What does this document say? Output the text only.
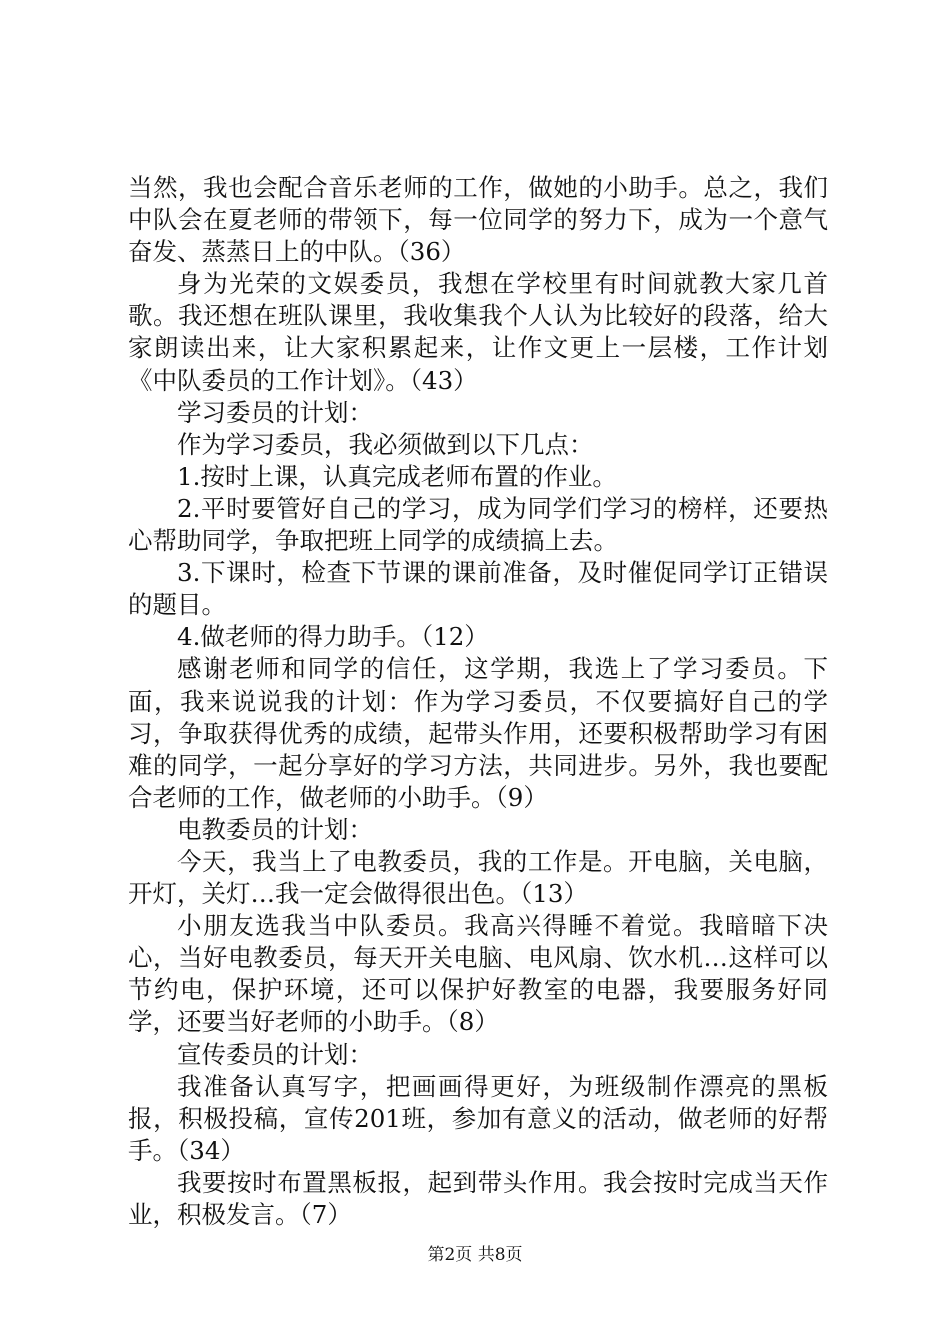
当然，我也会配合音乐老师的工作，做她的小助手。总之，我们中队会在夏老师的带领下，每一位同学的努力下，成为一个意气奋发、蒸蒸日上的中队。（36）

身为光荣的文娱委员，我想在学校里有时间就教大家几首歌。我还想在班队课里，我收集我个人认为比较好的段落，给大家朗读出来，让大家积累起来，让作文更上一层楼，工作计划《中队委员的工作计划》。（43）

学习委员的计划：

作为学习委员，我必须做到以下几点：

1.按时上课，认真完成老师布置的作业。

2.平时要管好自己的学习，成为同学们学习的榜样，还要热心帮助同学，争取把班上同学的成绩搞上去。

3.下课时，检查下节课的课前准备，及时催促同学订正错误的题目。

4.做老师的得力助手。（12）

感谢老师和同学的信任，这学期，我选上了学习委员。下面，我来说说我的计划：作为学习委员，不仅要搞好自己的学习，争取获得优秀的成绩，起带头作用，还要积极帮助学习有困难的同学，一起分享好的学习方法，共同进步。另外，我也要配合老师的工作，做老师的小助手。（9）

电教委员的计划：

今天，我当上了电教委员，我的工作是。开电脑，关电脑，开灯，关灯…我一定会做得很出色。（13）

小朋友选我当中队委员。我高兴得睡不着觉。我暗暗下决心，当好电教委员，每天开关电脑、电风扇、饮水机…这样可以节约电，保护环境，还可以保护好教室的电器，我要服务好同学，还要当好老师的小助手。（8）

宣传委员的计划：

我准备认真写字，把画画得更好，为班级制作漂亮的黑板报，积极投稿，宣传201班，参加有意义的活动，做老师的好帮手。（34）

我要按时布置黑板报，起到带头作用。我会按时完成当天作业，积极发言。（7）

第2页 共8页
